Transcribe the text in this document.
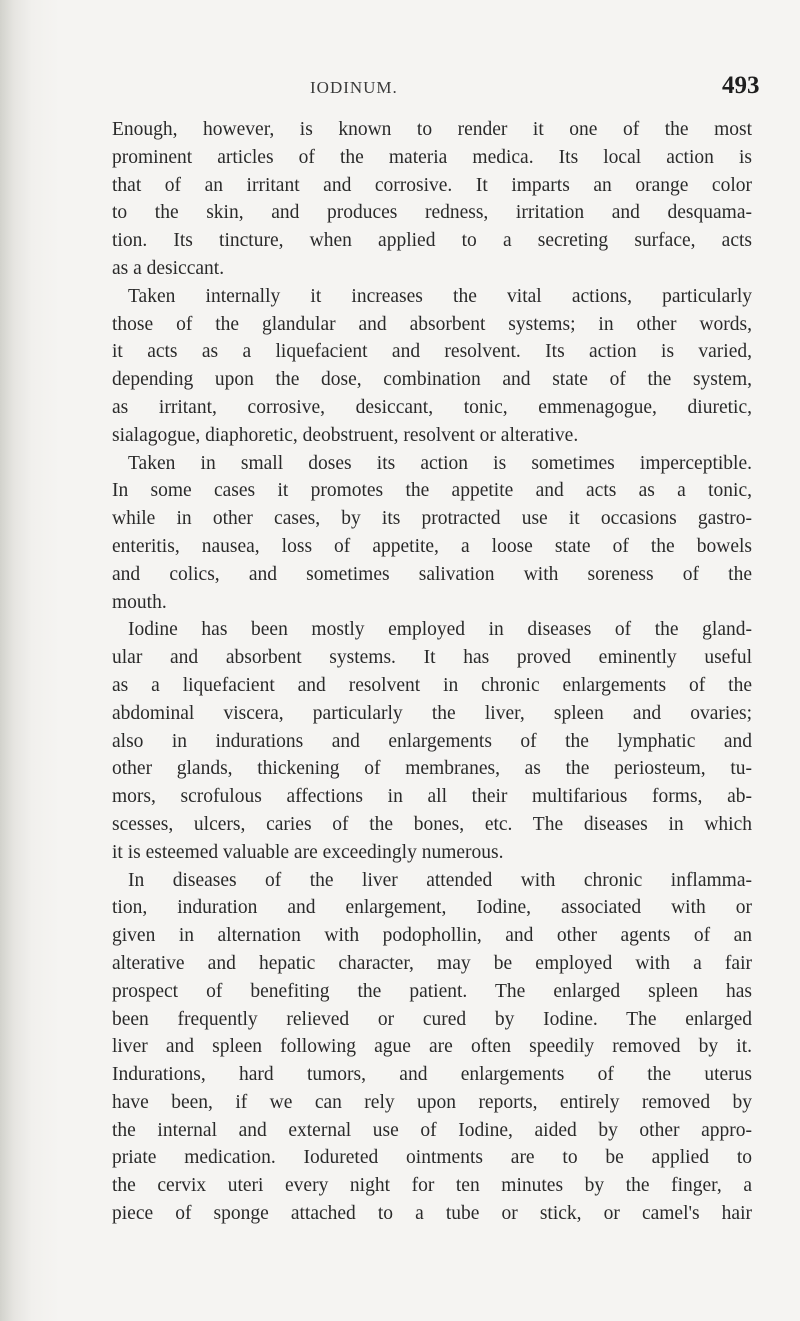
IODINUM.	493
Enough, however, is known to render it one of the most
prominent articles of the materia medica. Its local action is
that of an irritant and corrosive. It imparts an orange color
to the skin, and produces redness, irritation and desquama-
tion. Its tincture, when applied to a secreting surface, acts
as a desiccant.
Taken internally it increases the vital actions, particularly
those of the glandular and absorbent systems; in other words,
it acts as a liquefacient and resolvent. Its action is varied,
depending upon the dose, combination and state of the system,
as irritant, corrosive, desiccant, tonic, emmenagogue, diuretic,
sialagogue, diaphoretic, deobstruent, resolvent or alterative.
Taken in small doses its action is sometimes imperceptible.
In some cases it promotes the appetite and acts as a tonic,
while in other cases, by its protracted use it occasions gastro-
enteritis, nausea, loss of appetite, a loose state of the bowels
and colics, and sometimes salivation with soreness of the
mouth.
Iodine has been mostly employed in diseases of the gland-
ular and absorbent systems. It has proved eminently useful
as a liquefacient and resolvent in chronic enlargements of the
abdominal viscera, particularly the liver, spleen and ovaries;
also in indurations and enlargements of the lymphatic and
other glands, thickening of membranes, as the periosteum, tu-
mors, scrofulous affections in all their multifarious forms, ab-
scesses, ulcers, caries of the bones, etc. The diseases in which
it is esteemed valuable are exceedingly numerous.
In diseases of the liver attended with chronic inflamma-
tion, induration and enlargement, Iodine, associated with or
given in alternation with podophollin, and other agents of an
alterative and hepatic character, may be employed with a fair
prospect of benefiting the patient. The enlarged spleen has
been frequently relieved or cured by Iodine. The enlarged
liver and spleen following ague are often speedily removed by it.
Indurations, hard tumors, and enlargements of the uterus
have been, if we can rely upon reports, entirely removed by
the internal and external use of Iodine, aided by other appro-
priate medication. Iodureted ointments are to be applied to
the cervix uteri every night for ten minutes by the finger, a
piece of sponge attached to a tube or stick, or camel's hair
